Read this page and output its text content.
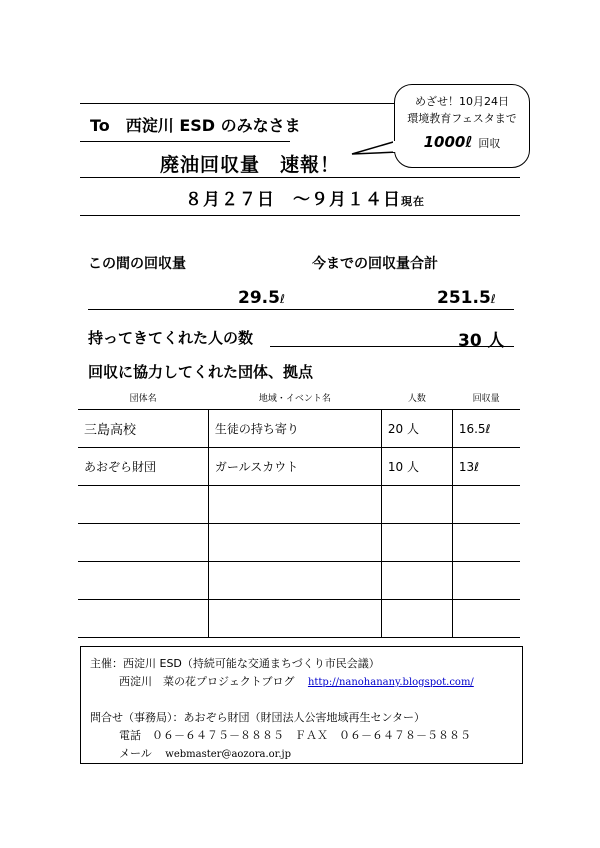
To　西淀川 ESD のみなさま
廃油回収量　速報！
８月２７日　～９月１４日現在
めざせ！10月24日
環境教育フェスタまで
1000ℓ 回収
この間の回収量	今までの回収量合計
29.5ℓ	251.5ℓ
持ってきてくれた人の数	30 人
回収に協力してくれた団体、拠点
団体名	地域・イベント名	人数	回収量
三島高校	生徒の持ち寄り	20 人	16.5ℓ
あおぞら財団	ガールスカウト	10 人	13ℓ

主催：西淀川 ESD（持続可能な交通まちづくり市民会議）
西淀川　菜の花プロジェクトブログ http://nanohanany.blogspot.com/
問合せ（事務局）：あおぞら財団（財団法人公害地域再生センター）
電話　０６－６４７５－８８８５　ＦＡＸ　０６－６４７８－５８８５
メール webmaster@aozora.or.jp
